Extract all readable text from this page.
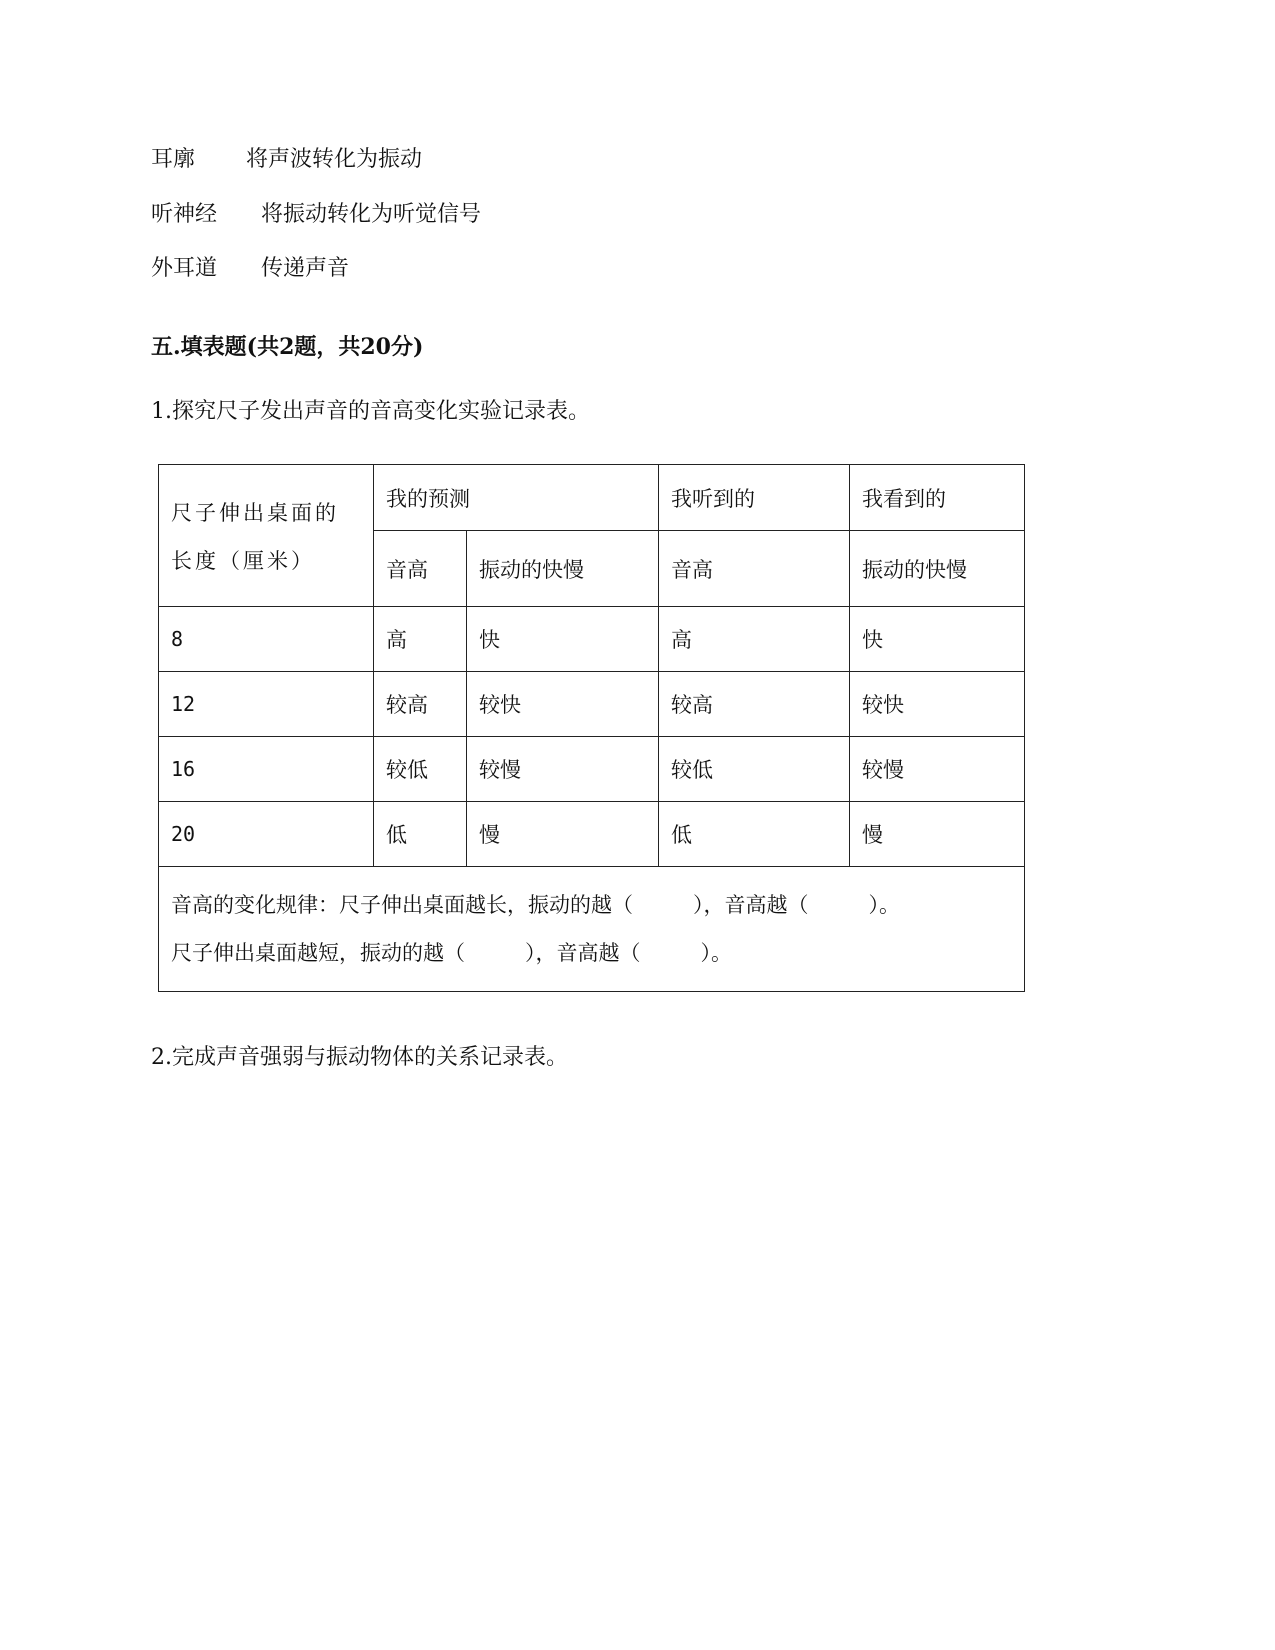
耳廓 将声波转化为振动
听神经 将振动转化为听觉信号
外耳道 传递声音
五.填表题(共2题，共20分)
1.探究尺子发出声音的音高变化实验记录表。
尺子伸出桌面的长度（厘米）	我的预测		我听到的	我看到的
	音高	振动的快慢	音高	振动的快慢
8	高	快	高	快
12	较高	较快	较高	较快
16	较低	较慢	较低	较慢
20	低	慢	低	慢

音高的变化规律：尺子伸出桌面越长，振动的越（ ），音高越（ ）。
尺子伸出桌面越短，振动的越（ ），音高越（ ）。				
2.完成声音强弱与振动物体的关系记录表。
